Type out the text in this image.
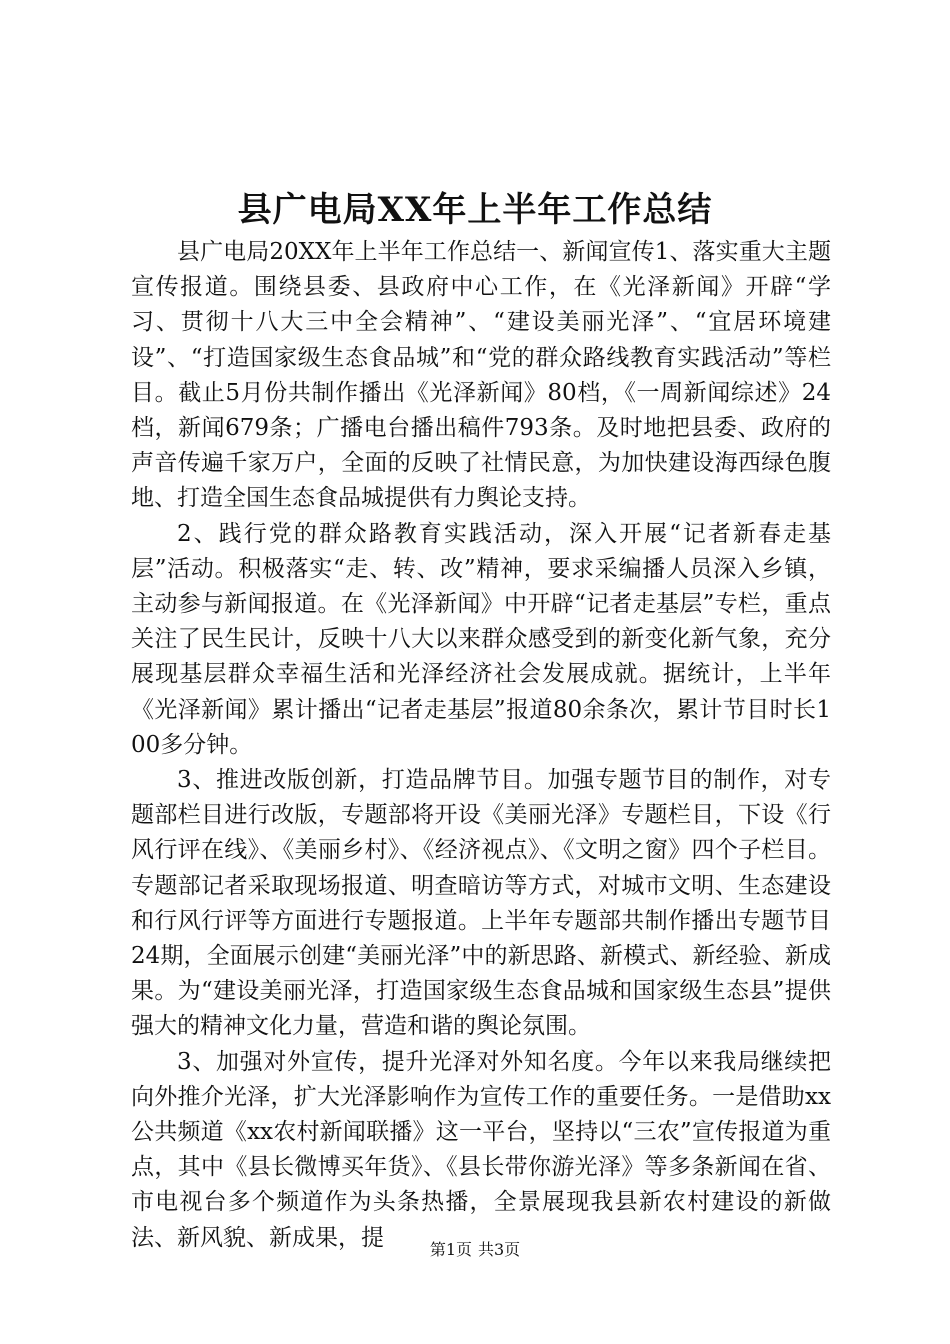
县广电局XX年上半年工作总结

县广电局20XX年上半年工作总结一、新闻宣传1、落实重大主题宣传报道。围绕县委、县政府中心工作，在《光泽新闻》开辟“学习、贯彻十八大三中全会精神”、“建设美丽光泽”、“宜居环境建设”、“打造国家级生态食品城”和“党的群众路线教育实践活动”等栏目。截止5月份共制作播出《光泽新闻》80档，《一周新闻综述》24档，新闻679条；广播电台播出稿件793条。及时地把县委、政府的声音传遍千家万户，全面的反映了社情民意，为加快建设海西绿色腹地、打造全国生态食品城提供有力舆论支持。

2、践行党的群众路教育实践活动，深入开展“记者新春走基层”活动。积极落实“走、转、改”精神，要求采编播人员深入乡镇，主动参与新闻报道。在《光泽新闻》中开辟“记者走基层”专栏，重点关注了民生民计，反映十八大以来群众感受到的新变化新气象，充分展现基层群众幸福生活和光泽经济社会发展成就。据统计，上半年《光泽新闻》累计播出“记者走基层”报道80余条次，累计节目时长100多分钟。

3、推进改版创新，打造品牌节目。加强专题节目的制作，对专题部栏目进行改版，专题部将开设《美丽光泽》专题栏目，下设《行风行评在线》、《美丽乡村》、《经济视点》、《文明之窗》四个子栏目。专题部记者采取现场报道、明查暗访等方式，对城市文明、生态建设和行风行评等方面进行专题报道。上半年专题部共制作播出专题节目24期，全面展示创建“美丽光泽”中的新思路、新模式、新经验、新成果。为“建设美丽光泽，打造国家级生态食品城和国家级生态县”提供强大的精神文化力量，营造和谐的舆论氛围。

3、加强对外宣传，提升光泽对外知名度。今年以来我局继续把向外推介光泽，扩大光泽影响作为宣传工作的重要任务。一是借助xx公共频道《xx农村新闻联播》这一平台，坚持以“三农”宣传报道为重点，其中《县长微博买年货》、《县长带你游光泽》等多条新闻在省、市电视台多个频道作为头条热播，全景展现我县新农村建设的新做法、新风貌、新成果，提	第1页 共3页
